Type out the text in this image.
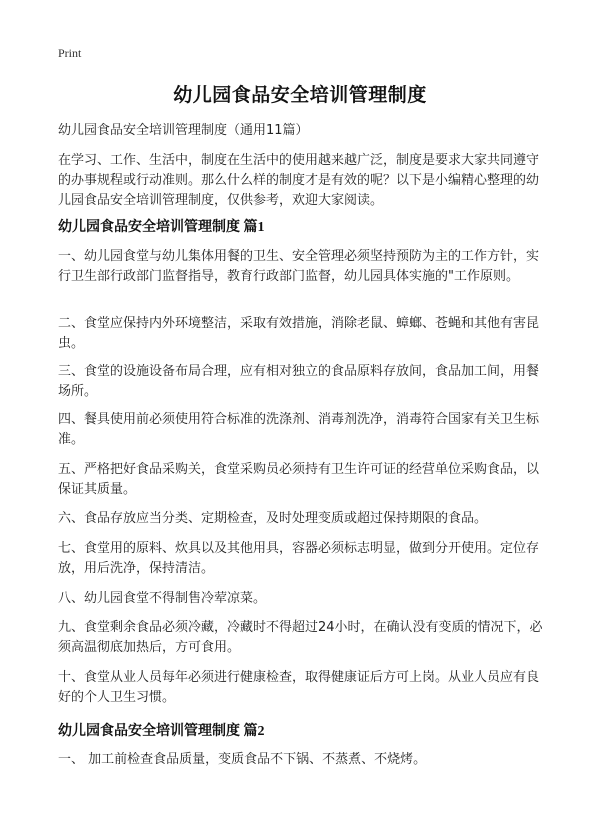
Print
幼儿园食品安全培训管理制度

幼儿园食品安全培训管理制度（通用11篇）

在学习、工作、生活中，制度在生活中的使用越来越广泛，制度是要求大家共同遵守的办事规程或行动准则。那么什么样的制度才是有效的呢？以下是小编精心整理的幼儿园食品安全培训管理制度，仅供参考，欢迎大家阅读。

幼儿园食品安全培训管理制度 篇1

一、幼儿园食堂与幼儿集体用餐的卫生、安全管理必须坚持预防为主的工作方针，实行卫生部行政部门监督指导，教育行政部门监督，幼儿园具体实施的"工作原则。

二、食堂应保持内外环境整洁，采取有效措施，消除老鼠、蟑螂、苍蝇和其他有害昆虫。

三、食堂的设施设备布局合理，应有相对独立的食品原料存放间，食品加工间，用餐场所。

四、餐具使用前必须使用符合标准的洗涤剂、消毒剂洗净，消毒符合国家有关卫生标准。

五、严格把好食品采购关，食堂采购员必须持有卫生许可证的经营单位采购食品，以保证其质量。

六、食品存放应当分类、定期检查，及时处理变质或超过保持期限的食品。

七、食堂用的原料、炊具以及其他用具，容器必须标志明显，做到分开使用。定位存放，用后洗净，保持清洁。

八、幼儿园食堂不得制售冷荤凉菜。

九、食堂剩余食品必须冷藏，冷藏时不得超过24小时，在确认没有变质的情况下，必须高温彻底加热后，方可食用。

十、食堂从业人员每年必须进行健康检查，取得健康证后方可上岗。从业人员应有良好的个人卫生习惯。

幼儿园食品安全培训管理制度 篇2

一、 加工前检查食品质量，变质食品不下锅、不蒸煮、不烧烤。
